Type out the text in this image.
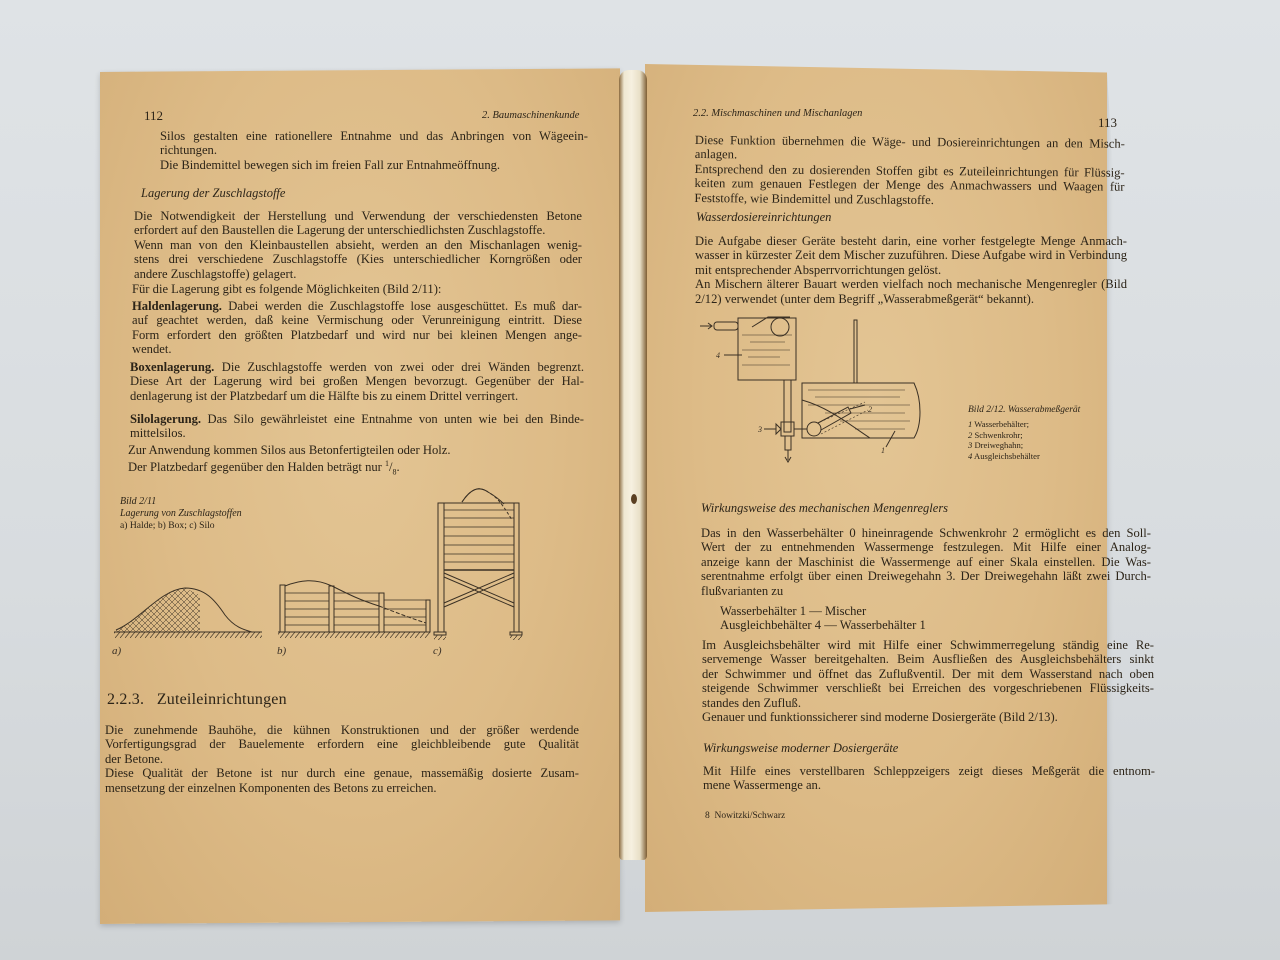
112	2. Baumaschinenkunde

Silos gestalten eine rationellere Entnahme und das Anbringen von Wägeein-

richtungen.

Die Bindemittel bewegen sich im freien Fall zur Entnahmeöffnung.

Lagerung der Zuschlagstoffe

Die Notwendigkeit der Herstellung und Verwendung der verschiedensten Betone

erfordert auf den Baustellen die Lagerung der unterschiedlichsten Zuschlagstoffe.

Wenn man von den Kleinbaustellen absieht, werden an den Mischanlagen wenig-

stens drei verschiedene Zuschlagstoffe (Kies unterschiedlicher Korngrößen oder

andere Zuschlagstoffe) gelagert.

Für die Lagerung gibt es folgende Möglichkeiten (Bild 2/11):

Haldenlagerung. Dabei werden die Zuschlagstoffe lose ausgeschüttet. Es muß dar-

auf geachtet werden, daß keine Vermischung oder Verunreinigung eintritt. Diese

Form erfordert den größten Platzbedarf und wird nur bei kleinen Mengen ange-

wendet.

Boxenlagerung. Die Zuschlagstoffe werden von zwei oder drei Wänden begrenzt.

Diese Art der Lagerung wird bei großen Mengen bevorzugt. Gegenüber der Hal-

denlagerung ist der Platzbedarf um die Hälfte bis zu einem Drittel verringert.

Silolagerung. Das Silo gewährleistet eine Entnahme von unten wie bei den Binde-

mittelsilos.

Zur Anwendung kommen Silos aus Betonfertigteilen oder Holz.

Der Platzbedarf gegenüber den Halden beträgt nur $^1/_8$.

Bild 2/11
Lagerung von Zuschlagstoffen
a) Halde; b) Box; c) Silo
a)	b)	c)
2.2.3. Zuteileinrichtungen

Die zunehmende Bauhöhe, die kühnen Konstruktionen und der größer werdende

Vorfertigungsgrad der Bauelemente erfordern eine gleichbleibende gute Qualität

der Betone.

Diese Qualität der Betone ist nur durch eine genaue, massemäßig dosierte Zusam-

mensetzung der einzelnen Komponenten des Betons zu erreichen.

2.2. Mischmaschinen und Mischanlagen
113

Diese Funktion übernehmen die Wäge- und Dosiereinrichtungen an den Misch-

anlagen.

Entsprechend den zu dosierenden Stoffen gibt es Zuteileinrichtungen für Flüssig-

keiten zum genauen Festlegen der Menge des Anmachwassers und Waagen für

Feststoffe, wie Bindemittel und Zuschlagstoffe.

Wasserdosiereinrichtungen

Die Aufgabe dieser Geräte besteht darin, eine vorher festgelegte Menge Anmach-

wasser in kürzester Zeit dem Mischer zuzuführen. Diese Aufgabe wird in Verbindung

mit entsprechender Absperrvorrichtungen gelöst.

An Mischern älterer Bauart werden vielfach noch mechanische Mengenregler (Bild

2/12) verwendet (unter dem Begriff „Wasserabmeßgerät“ bekannt).

4
2
3
1
Bild 2/12. Wasserabmeßgerät
1 Wasserbehälter;
2 Schwenkrohr;
3 Dreiweghahn;
4 Ausgleichsbehälter
Wirkungsweise des mechanischen Mengenreglers

Das in den Wasserbehälter 0 hineinragende Schwenkrohr 2 ermöglicht es den Soll-

Wert der zu entnehmenden Wassermenge festzulegen. Mit Hilfe einer Analog-

anzeige kann der Maschinist die Wassermenge auf einer Skala einstellen. Die Was-

serentnahme erfolgt über einen Dreiwegehahn 3. Der Dreiwegehahn läßt zwei Durch-

flußvarianten zu

Wasserbehälter 1 — Mischer

Ausgleichbehälter 4 — Wasserbehälter 1

Im Ausgleichsbehälter wird mit Hilfe einer Schwimmerregelung ständig eine Re-

servemenge Wasser bereitgehalten. Beim Ausfließen des Ausgleichsbehälters sinkt

der Schwimmer und öffnet das Zuflußventil. Der mit dem Wasserstand nach oben

steigende Schwimmer verschließt bei Erreichen des vorgeschriebenen Flüssigkeits-

standes den Zufluß.

Genauer und funktionssicherer sind moderne Dosiergeräte (Bild 2/13).

Wirkungsweise moderner Dosiergeräte

Mit Hilfe eines verstellbaren Schleppzeigers zeigt dieses Meßgerät die entnom-

mene Wassermenge an.

8  Nowitzki/Schwarz
